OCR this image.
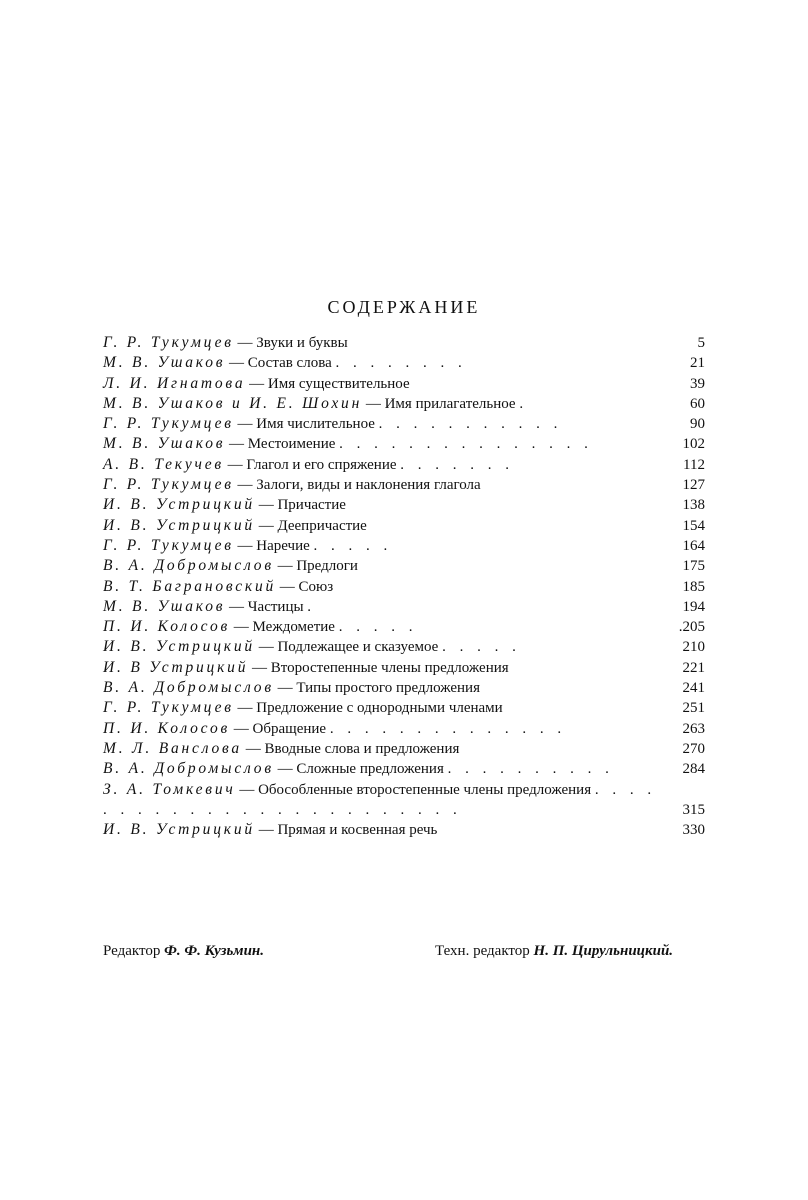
СОДЕРЖАНИЕ
Г. Р. Тукумцев — Звуки и буквы	5
М. В. Ушаков — Состав слова . . . . . . . .	21
Л. И. Игнатова — Имя существительное	39
М. В. Ушаков и И. Е. Шохин — Имя прилагательное .	60
Г. Р. Тукумцев — Имя числительное . . . . . . . . . . .	90
М. В. Ушаков — Местоимение . . . . . . . . . . . . . . .	102
А. В. Текучев — Глагол и его спряжение . . . . . . .	112
Г. Р. Тукумцев — Залоги, виды и наклонения глагола	127
И. В. Устрицкий — Причастие	138
И. В. Устрицкий — Деепричастие	154
Г. Р. Тукумцев — Наречие . . . . .	164
В. А. Добромыслов — Предлоги	175
В. Т. Баграновский — Союз	185
М. В. Ушаков — Частицы .	194
П. И. Колосов — Междометие . . . . .	.205
И. В. Устрицкий — Подлежащее и сказуемое . . . . .	210
И. В Устрицкий — Второстепенные члены предложения	221
В. А. Добромыслов — Типы простого предложения	241
Г. Р. Тукумцев — Предложение с однородными членами	251
П. И. Колосов — Обращение . . . . . . . . . . . . . .	263
М. Л. Ванслова — Вводные слова и предложения	270
В. А. Добромыслов — Сложные предложения . . . . . . . . . .	284
З. А. Томкевич — Обособленные второстепенные члены предложения . . . . . . . . . . . . . . . . . . . . . . . . .	315
И. В. Устрицкий — Прямая и косвенная речь	330
Редактор Ф. Ф. Кузьмин.	Техн. редактор Н. П. Цирульницкий.
